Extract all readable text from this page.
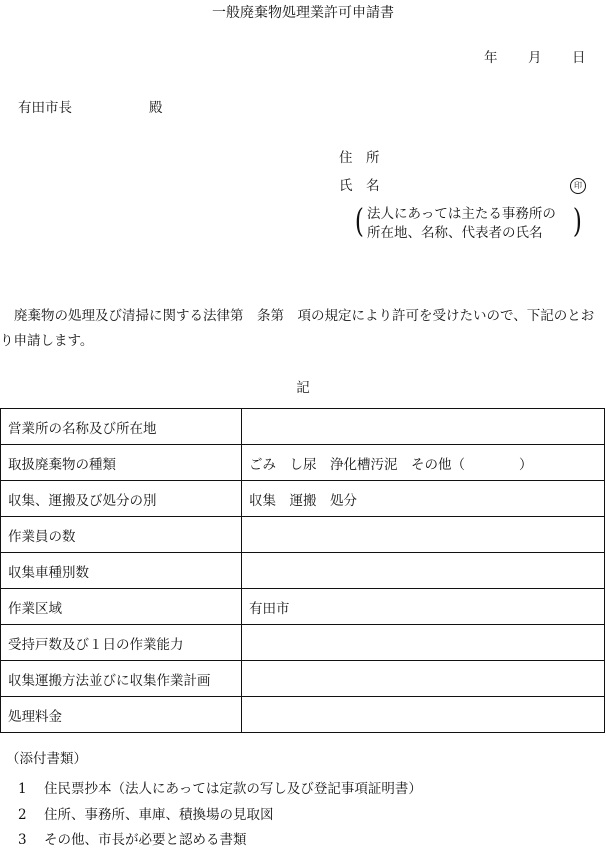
一般廃棄物処理業許可申請書
年 月 日
有田市長	殿
住　所
氏　名	印
( 法人にあっては主たる事務所の
所在地、名称、代表者の氏名 )
廃棄物の処理及び清掃に関する法律第　条第　項の規定により許可を受けたいので、下記のとおり申請します。
記
営業所の名称及び所在地	
取扱廃棄物の種類	ごみ　し尿　浄化槽汚泥　その他（　　　　）
収集、運搬及び処分の別	収集　運搬　処分
作業員の数	
収集車種別数	
作業区域	有田市
受持戸数及び１日の作業能力	
収集運搬方法並びに収集作業計画	
処理料金	
（添付書類）
1 住民票抄本（法人にあっては定款の写し及び登記事項証明書）
2 住所、事務所、車庫、積換場の見取図
3 その他、市長が必要と認める書類
